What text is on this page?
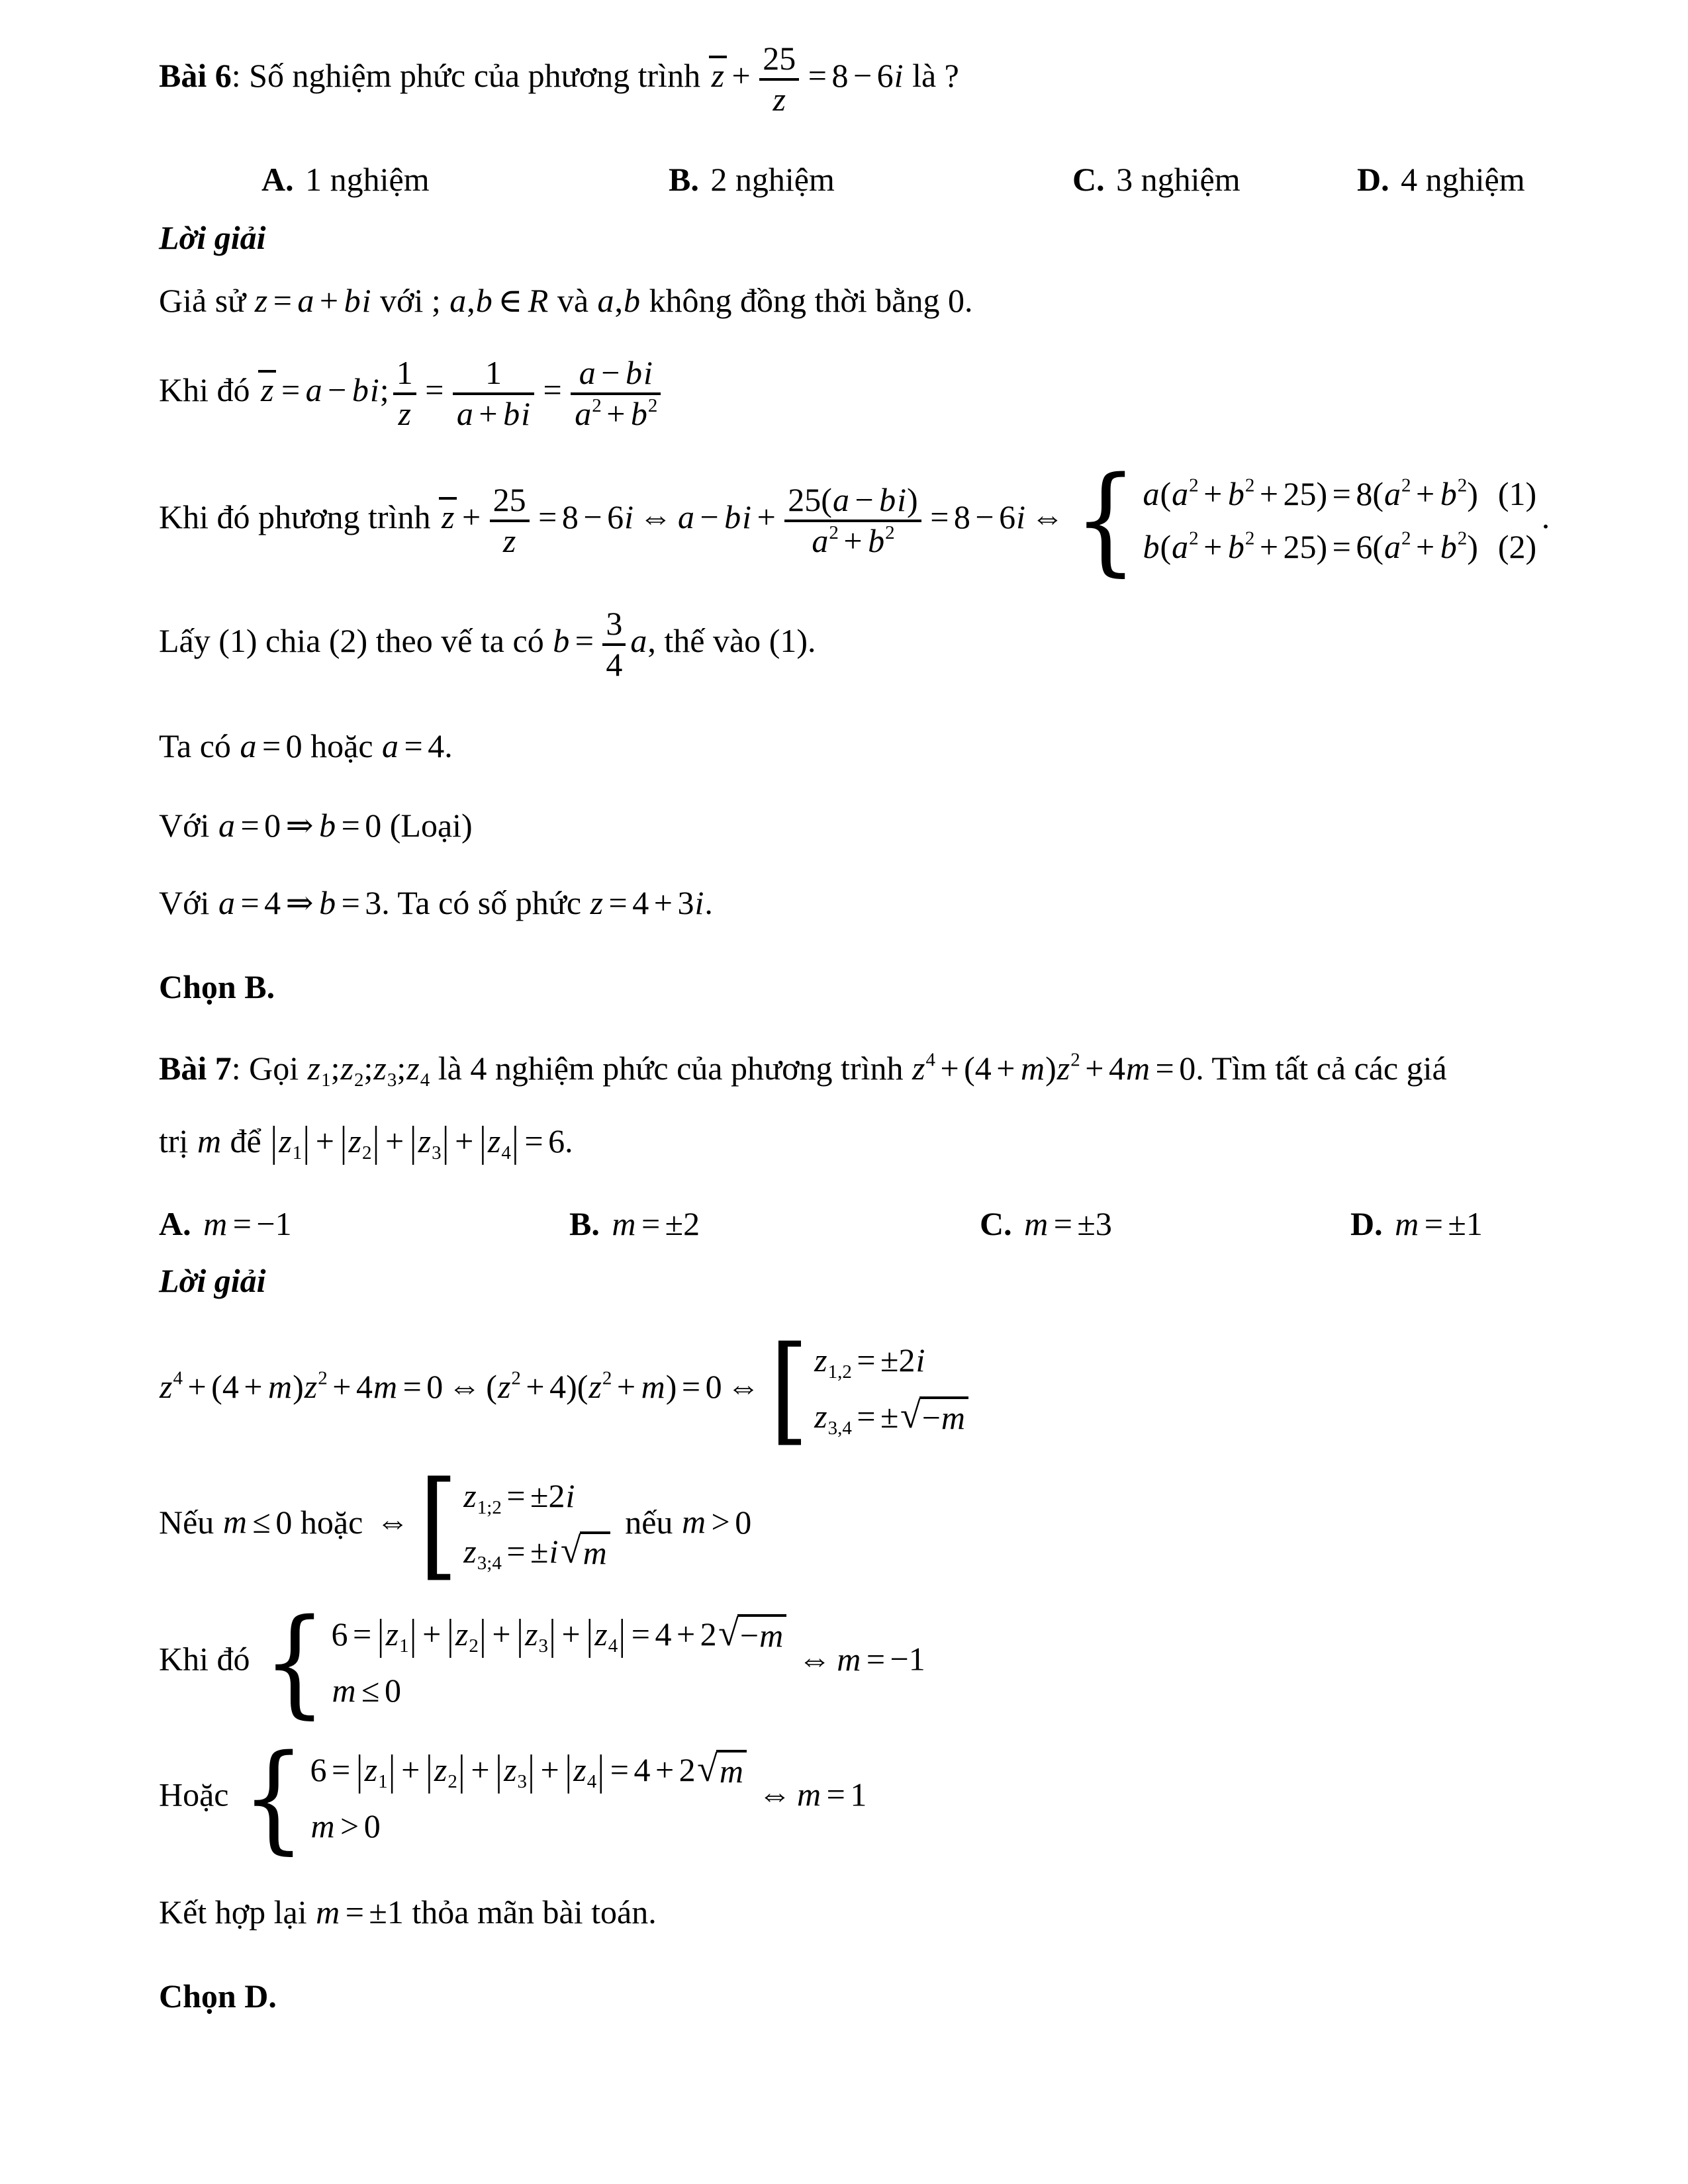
Bài 6: Số nghiệm phức của phương trình $z + \frac{25}{z} = 8 - 6i$ là ?
A. 1 nghiệm	B. 2 nghiệm	C. 3 nghiệm	D. 4 nghiệm
Lời giải
Giả sử z = a + bi với ; a,b ∈ R và a,b không đồng thời bằng 0.
Khi đó z = a − bi; $\frac{1}{z} = \frac{1}{a + bi} = \frac{a - bi}{a^2 + b^2}$
Khi đó phương trình $z + \frac{25}{z} = 8 - 6i$ ⇔ a − bi + $\frac{25(a - bi)}{a^2 + b^2} = 8 - 6i$ ⇔ { $a(a^2 + b^2 + 25) = 8(a^2 + b^2)$ (1)
$b(a^2 + b^2 + 25) = 6(a^2 + b^2)$ (2)
.
Lấy (1) chia (2) theo vế ta có $b = \frac{3}{4} a$, thế vào (1).
Ta có a = 0 hoặc a = 4.
Với a = 0 ⇒ b = 0 (Loại)
Với a = 4 ⇒ b = 3. Ta có số phức z = 4 + 3i.
Chọn B.
Bài 7: Gọi $z_1;z_2;z_3;z_4$ là 4 nghiệm phức của phương trình $z^4 + (4 + m)z^2 + 4m = 0$. Tìm tất cả các giá
trị m để $|z_1| + |z_2| + |z_3| + |z_4| = 6$.
A. m = −1	B. m = ±2	C. m = ±3	D. m = ±1
Lời giải
$z^4 + (4 + m)z^2 + 4m = 0$ ⇔ $(z^2 + 4)(z^2 + m) = 0$ ⇔ [ $z_{1,2} = \pm 2i$
$z_{3,4}$ = ± √ −m
Nếu m ≤ 0 hoặc ⇔ [ $z_{1;2} = \pm 2i$
$z_{3;4} = \pm i$ √ m
nếu m > 0
Khi đó { $6 = |z_1| + |z_2| + |z_3| + |z_4| = 4 + 2$ √ −m
m ≤ 0
⇔ m = −1
Hoặc { $6 = |z_1| + |z_2| + |z_3| + |z_4| = 4 + 2$ √ m
m > 0
⇔ m = 1
Kết hợp lại m = ±1 thỏa mãn bài toán.
Chọn D.
